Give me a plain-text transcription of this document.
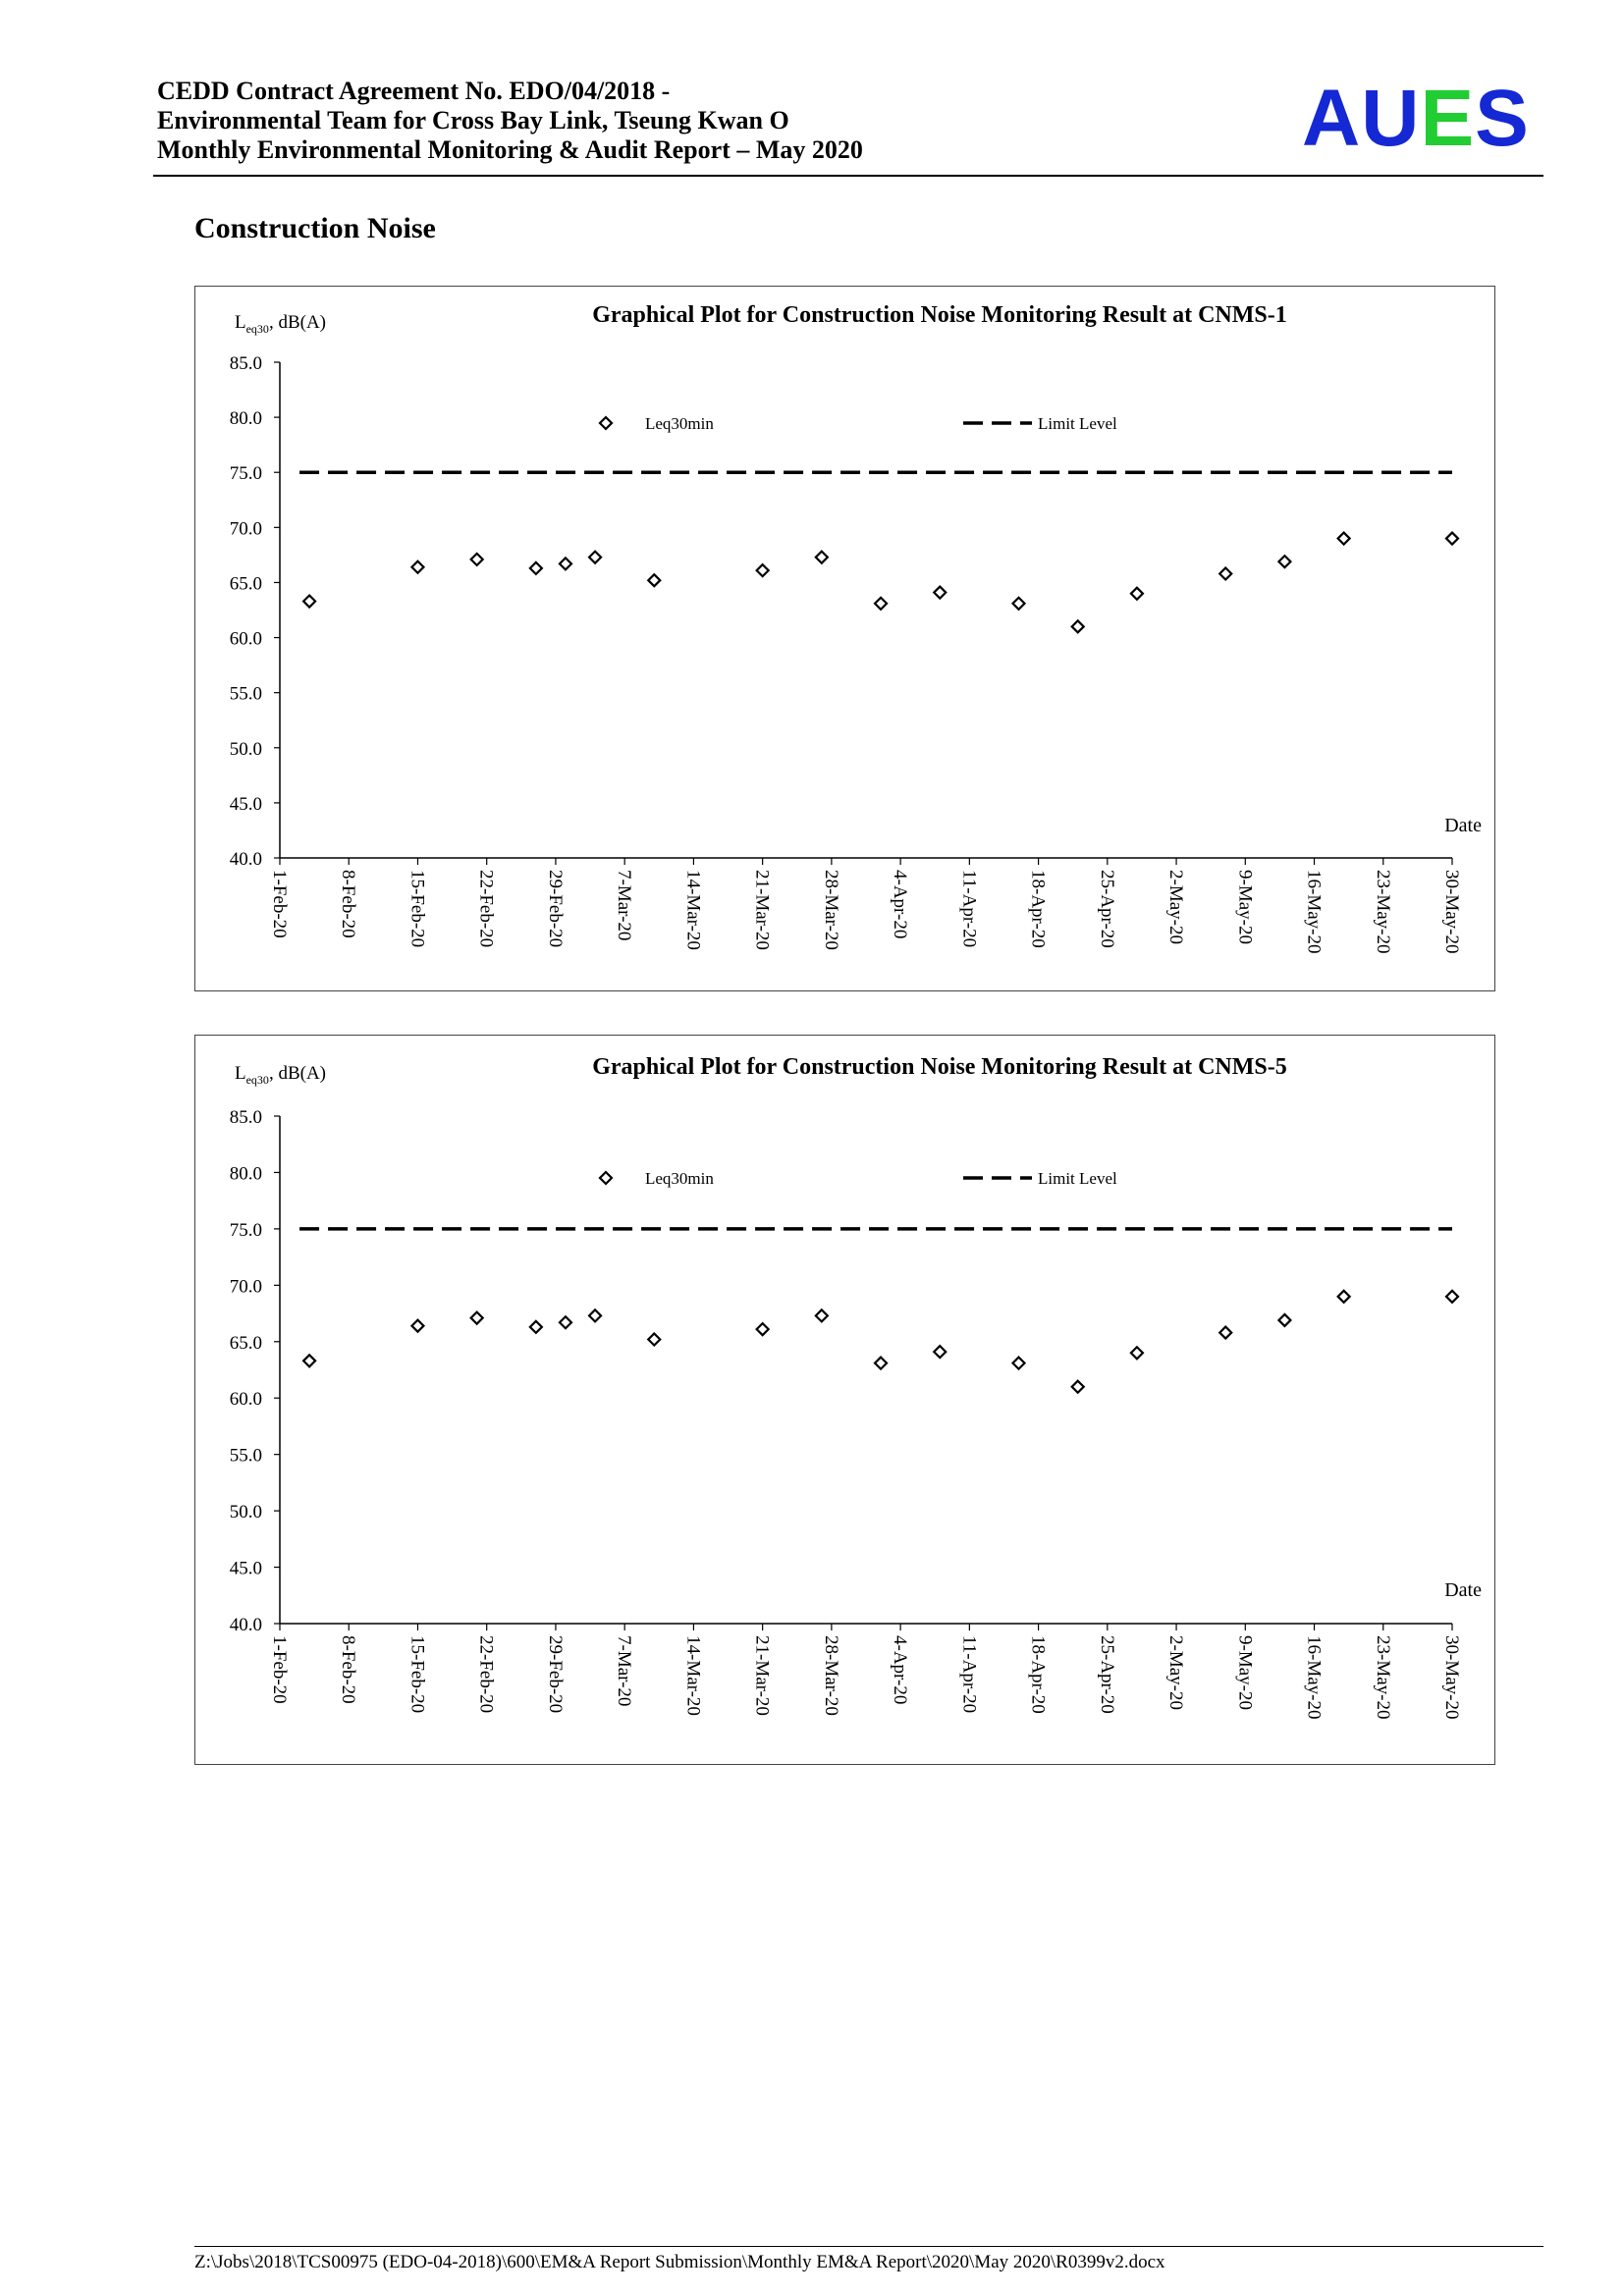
CEDD Contract Agreement No. EDO/04/2018 -
Environmental Team for Cross Bay Link, Tseung Kwan O
Monthly Environmental Monitoring & Audit Report – May 2020	AUES
Construction Noise
Graphical Plot for Construction Noise Monitoring Result at CNMS-1
$L_{eq30}$, dB(A)
85.0
80.0
75.0
70.0
65.0
60.0
55.0
50.0
45.0
40.0
1-Feb-20	8-Feb-20	15-Feb-20	22-Feb-20	29-Feb-20	7-Mar-20	14-Mar-20	21-Mar-20	28-Mar-20	4-Apr-20	11-Apr-20	18-Apr-20	25-Apr-20	2-May-20	9-May-20	16-May-20	23-May-20	30-May-20
Date
Leq30min	Limit Level
Graphical Plot for Construction Noise Monitoring Result at CNMS-5
$L_{eq30}$, dB(A)
85.0
80.0
75.0
70.0
65.0
60.0
55.0
50.0
45.0
40.0
1-Feb-20	8-Feb-20	15-Feb-20	22-Feb-20	29-Feb-20	7-Mar-20	14-Mar-20	21-Mar-20	28-Mar-20	4-Apr-20	11-Apr-20	18-Apr-20	25-Apr-20	2-May-20	9-May-20	16-May-20	23-May-20	30-May-20
Date
Leq30min	Limit Level
Z:\Jobs\2018\TCS00975 (EDO-04-2018)\600\EM&A Report Submission\Monthly EM&A Report\2020\May 2020\R0399v2.docx
